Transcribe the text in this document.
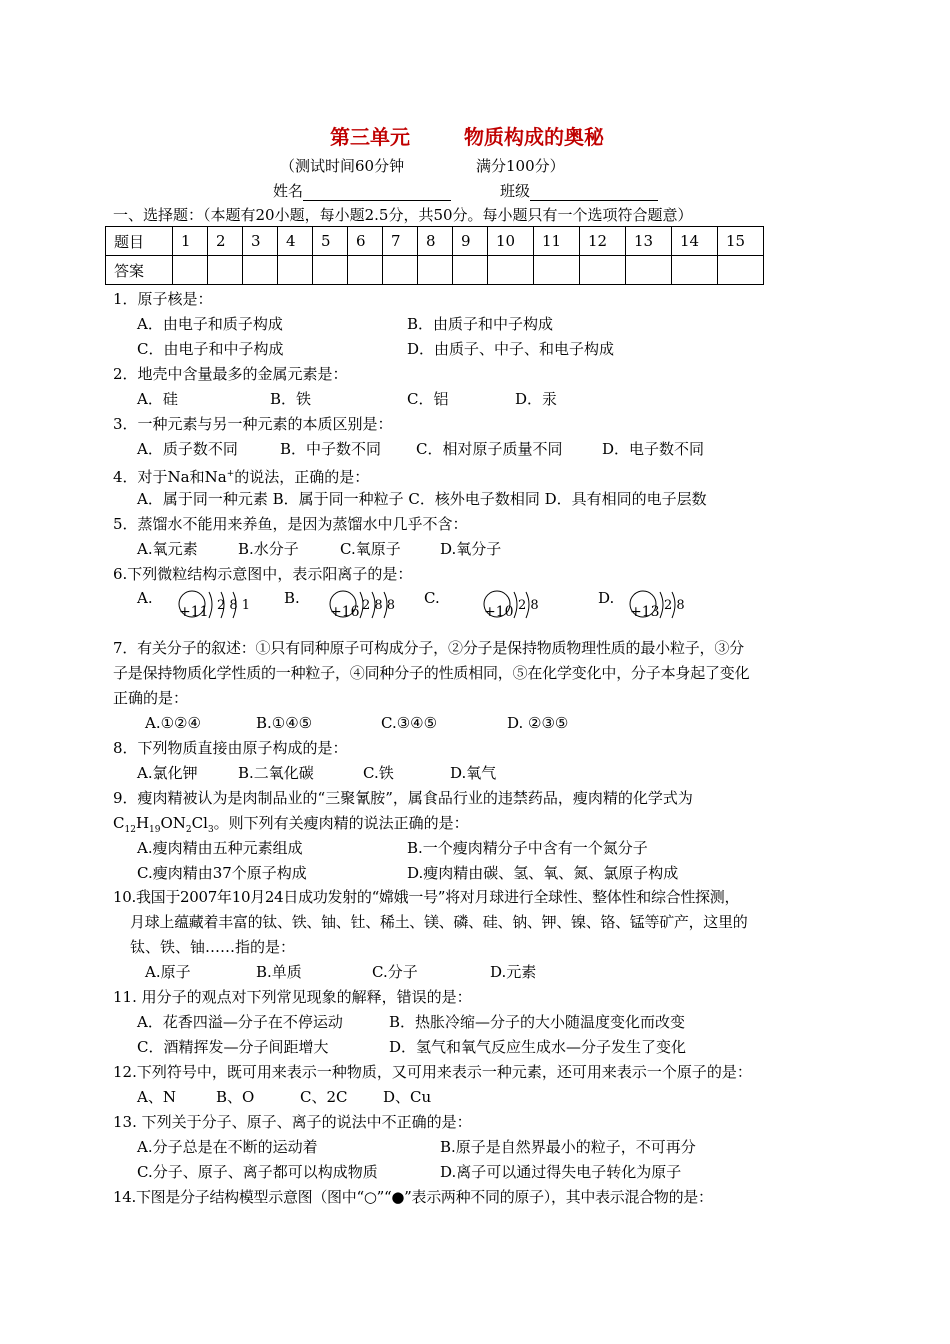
第三单元	物质构成的奥秘
（测试时间60分钟	满分100分）
姓名	班级
一、选择题：（本题有20小题，每小题2.5分，共50分。每小题只有一个选项符合题意）
题目	1	2	3	4	5	6	7	8	9	10	11	12	13	14	15
答案															
1．原子核是：
A．由电子和质子构成	B．由质子和中子构成
C．由电子和中子构成	D．由质子、中子、和电子构成
2．地壳中含量最多的金属元素是：
A．硅	B．铁	C．铝	D．汞
3．一种元素与另一种元素的本质区别是：
A．质子数不同	B．中子数不同 C．相对原子质量不同	D．电子数不同
4．对于Na和Na+的说法，正确的是：
A．属于同一种元素 B．属于同一种粒子 C．核外电子数相同 D．具有相同的电子层数
5．蒸馏水不能用来养鱼，是因为蒸馏水中几乎不含：
A.氧元素	B.水分子	C.氧原子	D.氧分子
6.下列微粒结构示意图中，表示阳离子的是：
A.
+11 2 8 1 B.
+16 2 8 8 C.
+10 2 8	D.
+13 2 8
7．有关分子的叙述：①只有同种原子可构成分子，②分子是保持物质物理性质的最小粒子，③分
子是保持物质化学性质的一种粒子，④同种分子的性质相同，⑤在化学变化中，分子本身起了变化
正确的是：
A.①②④	B.①④⑤	C.③④⑤	D. ②③⑤
8．下列物质直接由原子构成的是：
A.氯化钾	B.二氧化碳	C.铁	D.氧气
9．瘦肉精被认为是肉制品业的“三聚氰胺”，属食品行业的违禁药品，瘦肉精的化学式为
$C_{12}H_{19}ON_2Cl_3$。则下列有关瘦肉精的说法正确的是：
A.瘦肉精由五种元素组成	B.一个瘦肉精分子中含有一个氮分子
C.瘦肉精由37个原子构成	D.瘦肉精由碳、氢、氧、氮、氯原子构成
10.我国于2007年10月24日成功发射的“嫦娥一号”将对月球进行全球性、整体性和综合性探测，
月球上蕴藏着丰富的钛、铁、铀、钍、稀土、镁、磷、硅、钠、钾、镍、铬、锰等矿产，这里的
钛、铁、铀……指的是：
A.原子	B.单质	C.分子	D.元素
11. 用分子的观点对下列常见现象的解释，错误的是：
A．花香四溢—分子在不停运动	B．热胀冷缩—分子的大小随温度变化而改变
C．酒精挥发—分子间距增大	D．氢气和氧气反应生成水—分子发生了变化
12.下列符号中，既可用来表示一种物质，又可用来表示一种元素，还可用来表示一个原子的是：
A、N	B、O	C、2C D、Cu
13. 下列关于分子、原子、离子的说法中不正确的是：
A.分子总是在不断的运动着	B.原子是自然界最小的粒子，不可再分
C.分子、原子、离子都可以构成物质	D.离子可以通过得失电子转化为原子
14.下图是分子结构模型示意图（图中“○”“●”表示两种不同的原子），其中表示混合物的是：
